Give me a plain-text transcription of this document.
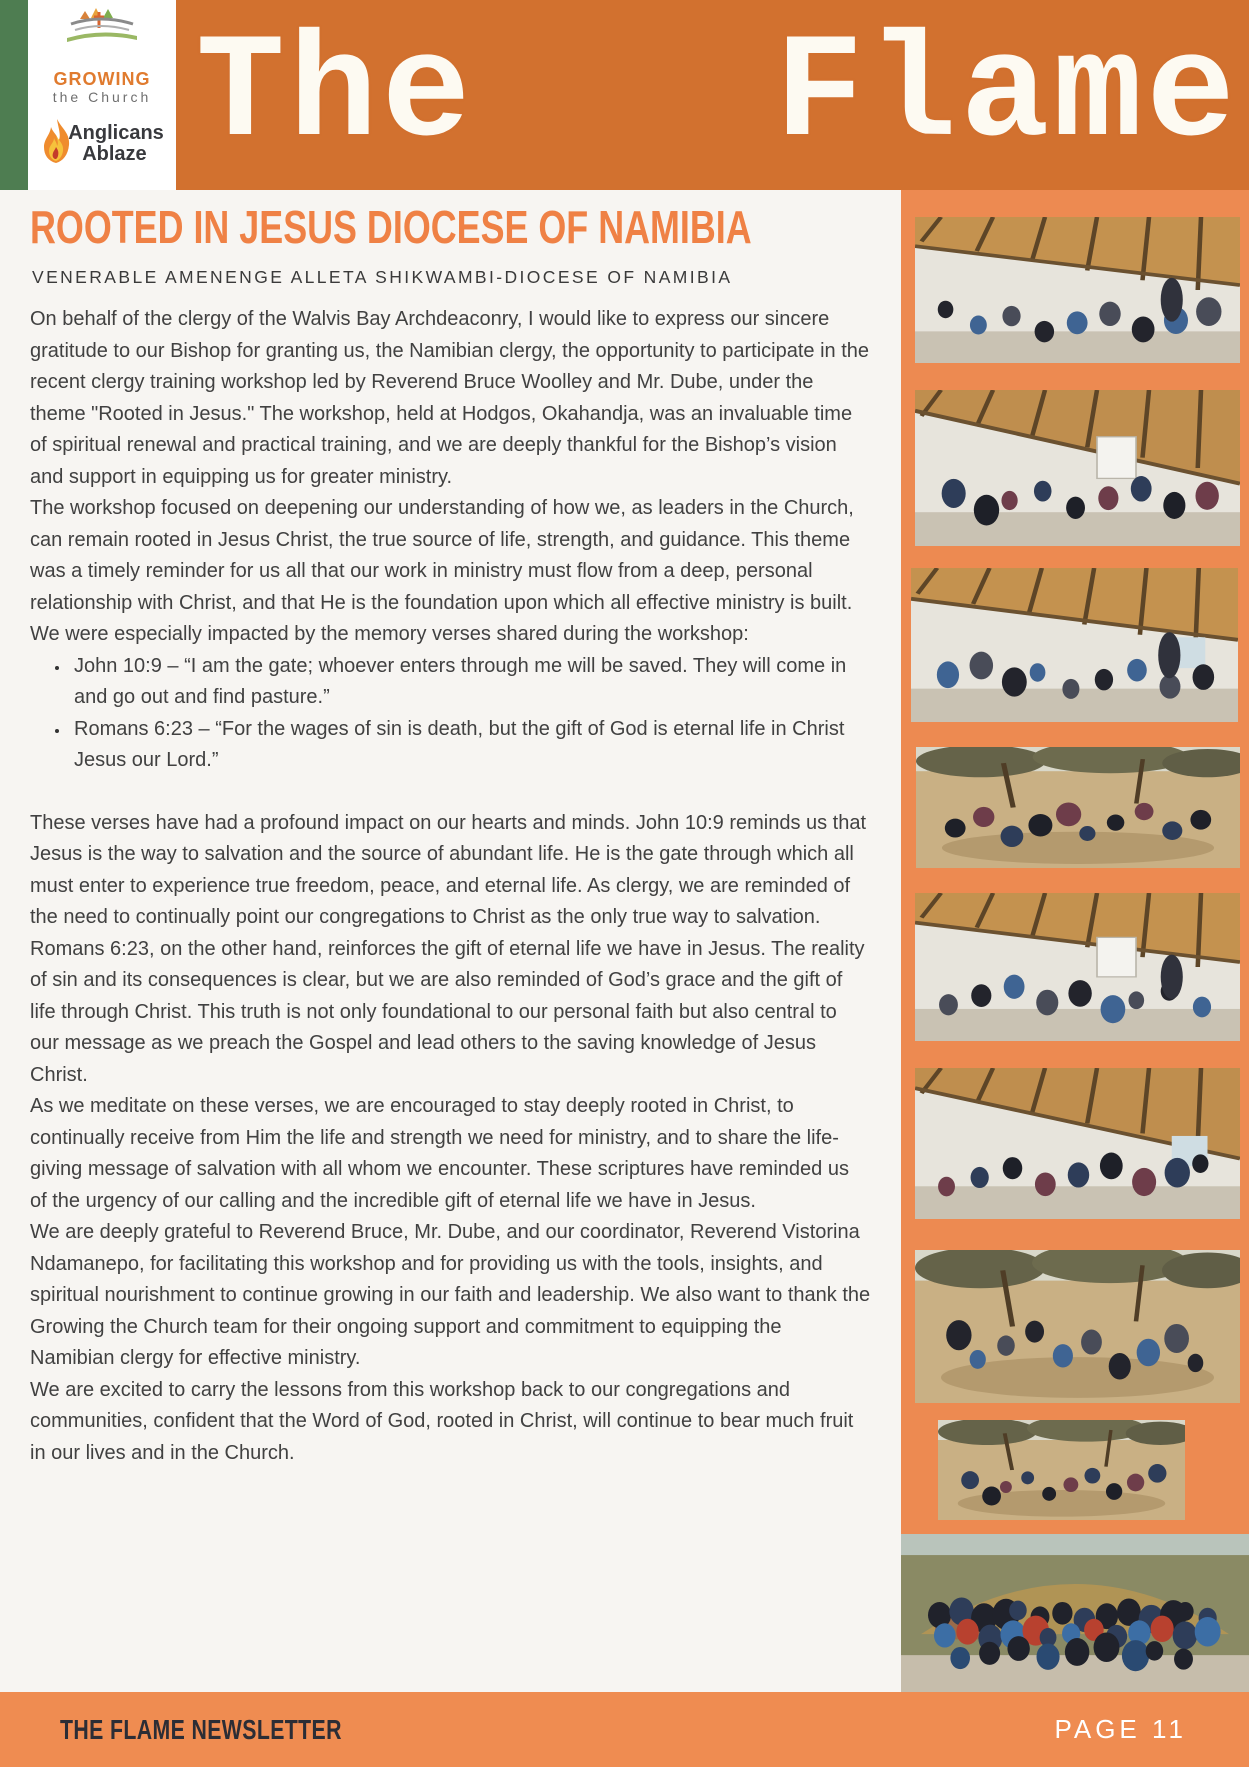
GROWING
the Church
Anglicans
Ablaze The Flame
ROOTED IN JESUS DIOCESE OF NAMIBIA
VENERABLE AMENENGE ALLETA SHIKWAMBI-DIOCESE OF NAMIBIA

On behalf of the clergy of the Walvis Bay Archdeaconry, I would like to express our sincere gratitude to our Bishop for granting us, the Namibian clergy, the opportunity to participate in the recent clergy training workshop led by Reverend Bruce Woolley and Mr. Dube, under the theme "Rooted in Jesus." The workshop, held at Hodgos, Okahandja, was an invaluable time of spiritual renewal and practical training, and we are deeply thankful for the Bishop’s vision and support in equipping us for greater ministry.

The workshop focused on deepening our understanding of how we, as leaders in the Church, can remain rooted in Jesus Christ, the true source of life, strength, and guidance. This theme was a timely reminder for us all that our work in ministry must flow from a deep, personal relationship with Christ, and that He is the foundation upon which all effective ministry is built.

We were especially impacted by the memory verses shared during the workshop:

• John 10:9 – “I am the gate; whoever enters through me will be saved. They will come in and go out and find pasture.”
• Romans 6:23 – “For the wages of sin is death, but the gift of God is eternal life in Christ Jesus our Lord.”

These verses have had a profound impact on our hearts and minds. John 10:9 reminds us that Jesus is the way to salvation and the source of abundant life. He is the gate through which all must enter to experience true freedom, peace, and eternal life. As clergy, we are reminded of the need to continually point our congregations to Christ as the only true way to salvation.

Romans 6:23, on the other hand, reinforces the gift of eternal life we have in Jesus. The reality of sin and its consequences is clear, but we are also reminded of God’s grace and the gift of life through Christ. This truth is not only foundational to our personal faith but also central to our message as we preach the Gospel and lead others to the saving knowledge of Jesus Christ.

As we meditate on these verses, we are encouraged to stay deeply rooted in Christ, to continually receive from Him the life and strength we need for ministry, and to share the life-giving message of salvation with all whom we encounter. These scriptures have reminded us of the urgency of our calling and the incredible gift of eternal life we have in Jesus.

We are deeply grateful to Reverend Bruce, Mr. Dube, and our coordinator, Reverend Vistorina Ndamanepo, for facilitating this workshop and for providing us with the tools, insights, and spiritual nourishment to continue growing in our faith and leadership. We also want to thank the Growing the Church team for their ongoing support and commitment to equipping the Namibian clergy for effective ministry.

We are excited to carry the lessons from this workshop back to our congregations and communities, confident that the Word of God, rooted in Christ, will continue to bear much fruit in our lives and in the Church.

THE FLAME NEWSLETTER	PAGE 11
